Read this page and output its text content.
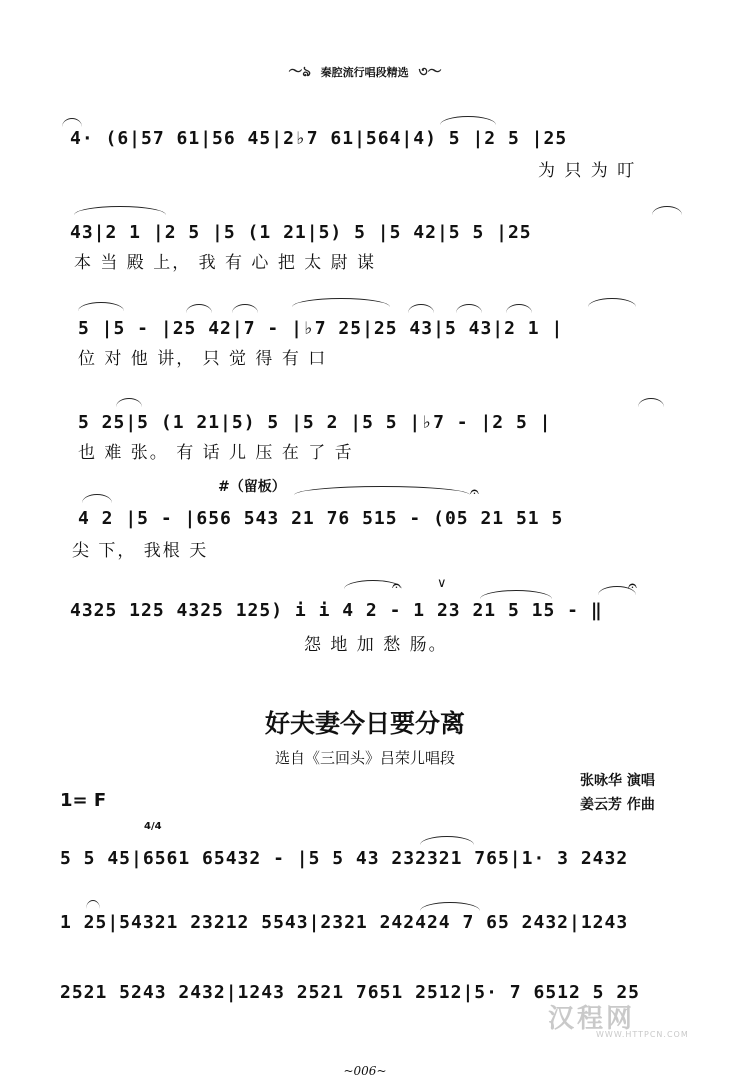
〜ঌ 秦腔流行唱段精选 ৩〜
4· (6|57 61|56 45|2♭7 61|564|4) 5 |2 5 |25
为 只 为 叮
43|2 1 |2 5 |5 (1 21|5) 5 |5 42|5 5 |25
本 当 殿 上， 我 有 心 把 太 尉 谋
5 |5 - |25 42|7 - |♭7 25|25 43|5 43|2 1 |
位 对 他 讲， 只 觉 得 有 口
5 25|5 (1 21|5) 5 |5 2 |5 5 |♭7 - |2 5 |
也 难 张。 有 话 儿 压 在 了 舌
#（留板）	𝄐
4 2 |5 - |656 543 21 76 515 - (05 21 51 5
尖 下， 我根 天
𝄐	∨	𝄐
4325 125 4325 125) i i 4 2 - 1 23 21 5 15 - ‖
怨 地 加 愁 肠。
好夫妻今日要分离
选自《三回头》吕荣儿唱段
张咏华 演唱
姜云芳 作曲
1= F
4/4
5 5 45|6561 65432 - |5 5 43 232321 765|1· 3 2432
1 25|54321 23212 5543|2321 242424 7 65 2432|1243
2521 5243 2432|1243 2521 7651 2512|5· 7 6512 5 25
汉程网
WWW.HTTPCN.COM
~006~
